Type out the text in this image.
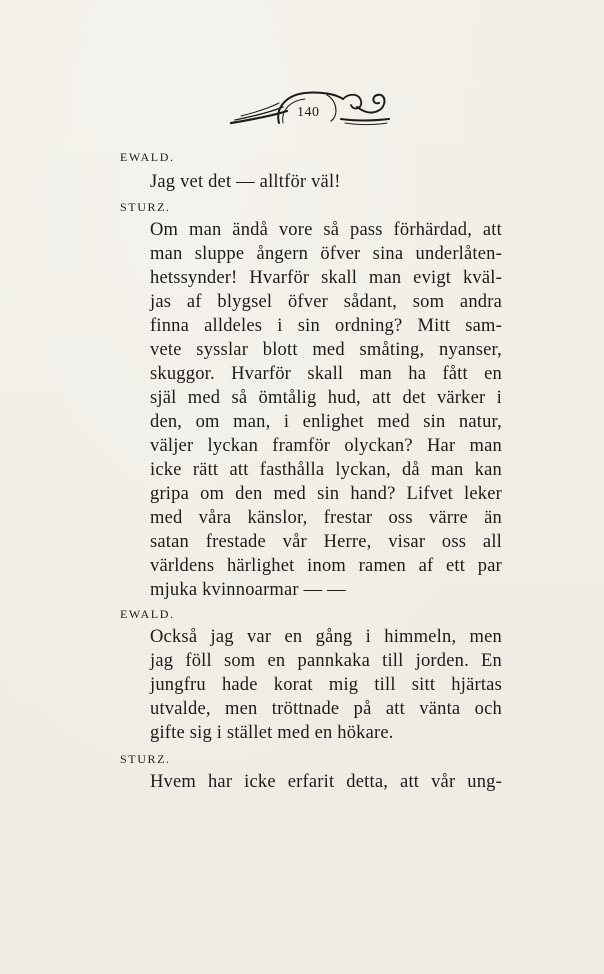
140
EWALD.
Jag vet det — alltför väl!
STURZ.
Om man ändå vore så pass förhärdad, att
man sluppe ångern öfver sina underlåten-
hetssynder! Hvarför skall man evigt kväl-
jas af blygsel öfver sådant, som andra
finna alldeles i sin ordning? Mitt sam-
vete sysslar blott med småting, nyanser,
skuggor. Hvarför skall man ha fått en
själ med så ömtålig hud, att det värker i
den, om man, i enlighet med sin natur,
väljer lyckan framför olyckan? Har man
icke rätt att fasthålla lyckan, då man kan
gripa om den med sin hand? Lifvet leker
med våra känslor, frestar oss värre än
satan frestade vår Herre, visar oss all
världens härlighet inom ramen af ett par
mjuka kvinnoarmar — —
EWALD.
Också jag var en gång i himmeln, men
jag föll som en pannkaka till jorden. En
jungfru hade korat mig till sitt hjärtas
utvalde, men tröttnade på att vänta och
gifte sig i stället med en hökare.
STURZ.
Hvem har icke erfarit detta, att vår ung-
